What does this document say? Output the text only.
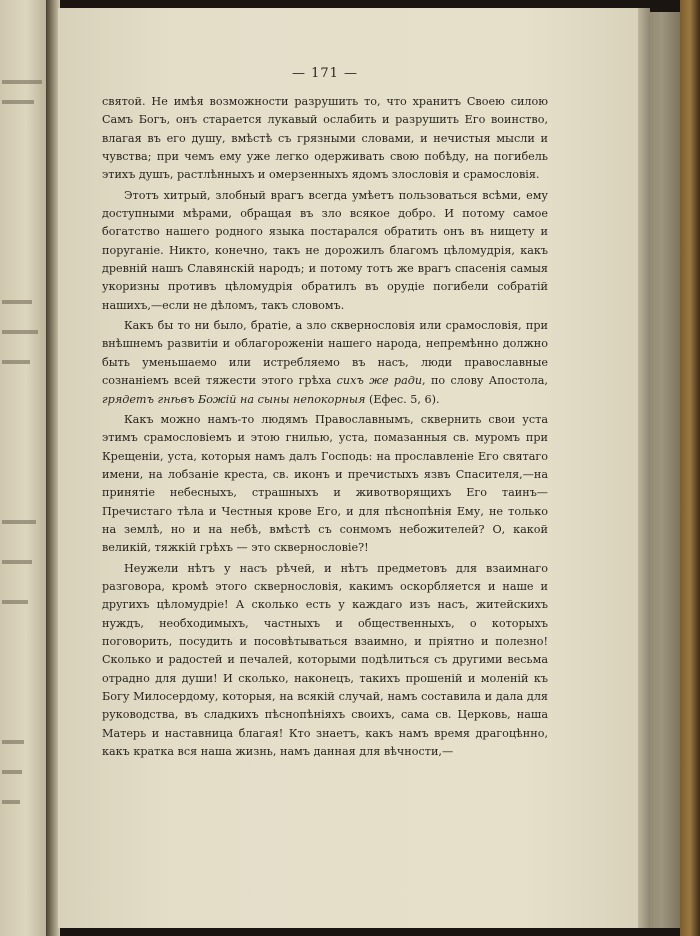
— 171 —

святой. Не имѣя возможности разрушить то, что хранитъ Своею силою Самъ Богъ, онъ старается лукавый ослабить и разрушить Его воинство, влагая въ его душу, вмѣстѣ съ грязными словами, и нечистыя мысли и чувства; при чемъ ему уже легко одерживать свою побѣду, на погибель этихъ душъ, растлѣнныхъ и омерзенныхъ ядомъ злословія и срамословія.

Этотъ хитрый, злобный врагъ всегда умѣетъ пользоваться всѣми, ему доступными мѣрами, обращая въ зло всякое добро. И потому самое богатство нашего родного языка постарался обратить онъ въ нищету и поруганіе. Никто, конечно, такъ не дорожилъ благомъ цѣломудрія, какъ древній нашъ Славянскій народъ; и потому тотъ же врагъ спасенія самыя укоризны противъ цѣломудрія обратилъ въ орудіе погибели собратій нашихъ,—если не дѣломъ, такъ словомъ.

Какъ бы то ни было, братіе, а зло сквернословія или срамословія, при внѣшнемъ развитіи и облагороженіи нашего народа, непремѣнно должно быть уменьшаемо или истребляемо въ насъ, люди православные сознаніемъ всей тяжести этого грѣха сихъ же ради, по слову Апостола, грядетъ гнѣвъ Божій на сыны непокорныя (Ефес. 5, 6).

Какъ можно намъ-то людямъ Православнымъ, сквернить свои уста этимъ срамословіемъ и этою гнилью, уста, помазанныя св. муромъ при Крещеніи, уста, которыя намъ далъ Господь: на прославленіе Его святаго имени, на лобзаніе креста, св. иконъ и пречистыхъ язвъ Спасителя,—на принятіе небесныхъ, страшныхъ и животворящихъ Его таинъ—Пречистаго тѣла и Честныя крове Его, и для пѣснопѣнія Ему, не только на землѣ, но и на небѣ, вмѣстѣ съ сонмомъ небожителей? О, какой великій, тяжкій грѣхъ — это сквернословіе?!

Неужели нѣтъ у насъ рѣчей, и нѣтъ предметовъ для взаимнаго разговора, кромѣ этого сквернословія, какимъ оскорбляется и наше и другихъ цѣломудріе! А сколько есть у каждаго изъ насъ, житейскихъ нуждъ, необходимыхъ, частныхъ и общественныхъ, о которыхъ поговорить, посудить и посовѣтываться взаимно, и пріятно и полезно! Сколько и радостей и печалей, которыми подѣлиться съ другими весьма отрадно для души! И сколько, наконецъ, такихъ прошеній и моленій къ Богу Милосердому, которыя, на всякій случай, намъ составила и дала для руководства, въ сладкихъ пѣснопѣніяхъ своихъ, сама св. Церковь, наша Матерь и наставница благая! Кто знаетъ, какъ намъ время драгоцѣнно, какъ кратка вся наша жизнь, намъ данная для вѣчности,—
